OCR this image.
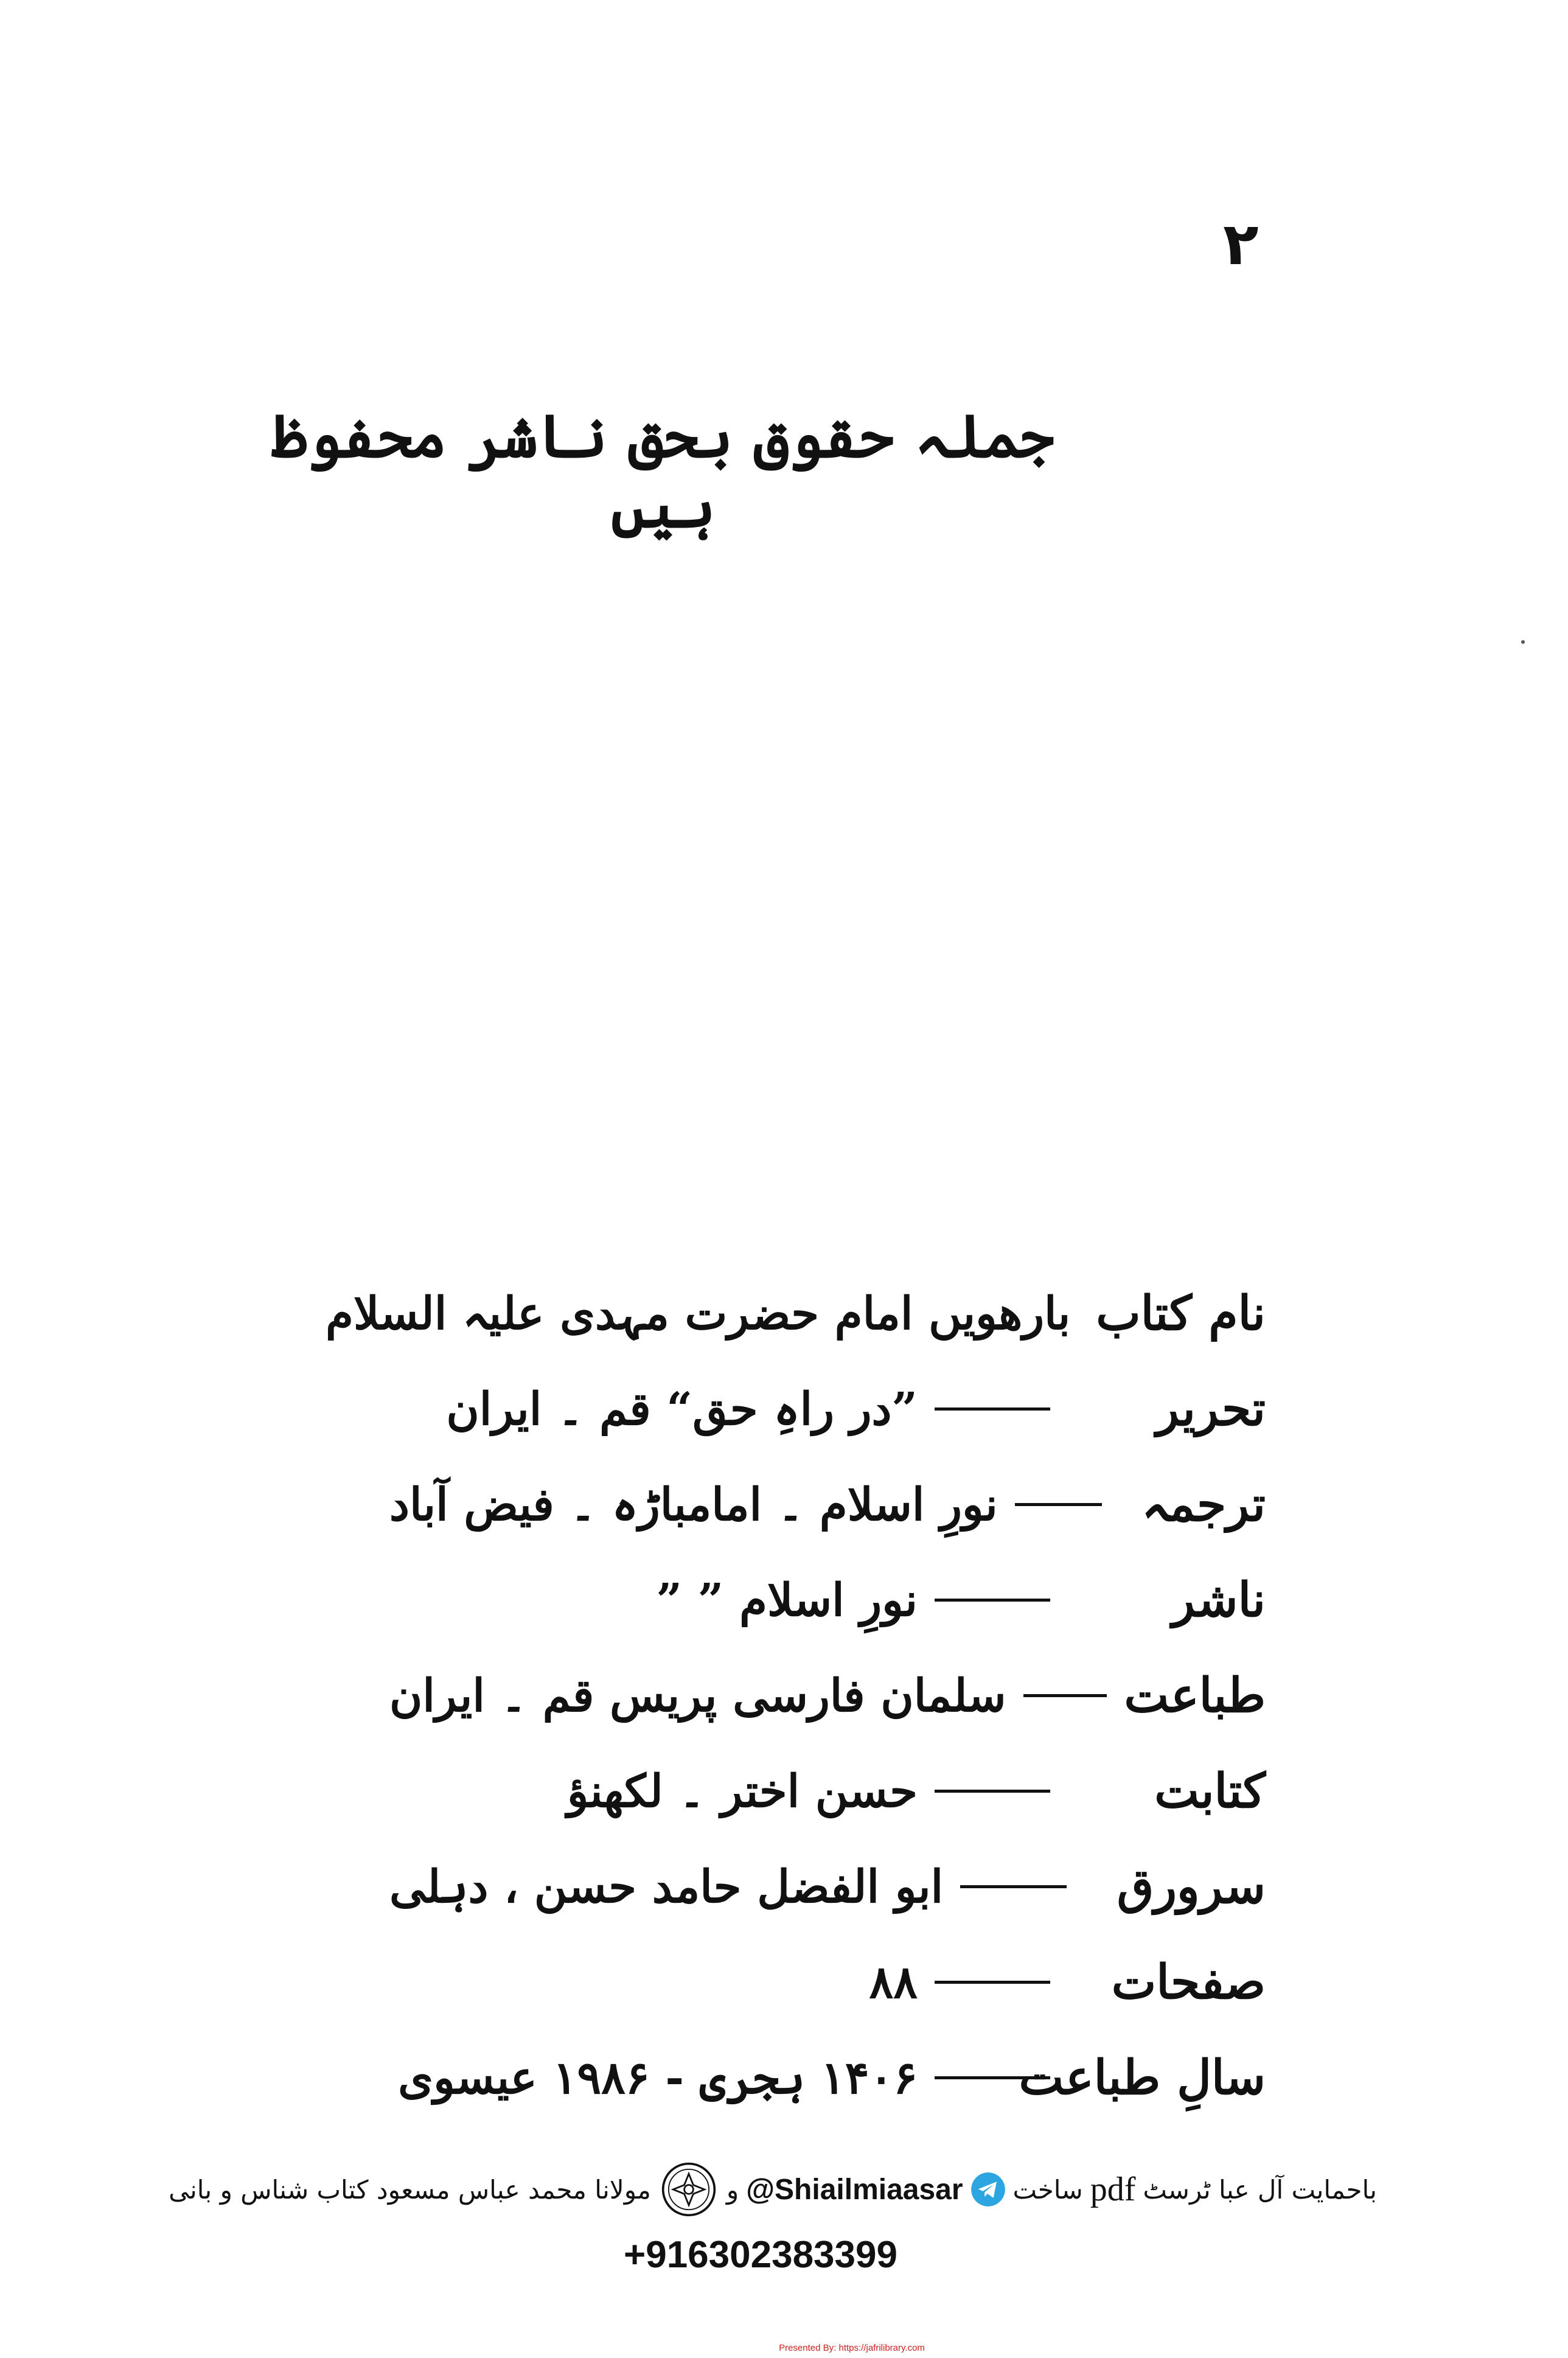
۲
جملہ حقوق بحق ناشر محفوظ ہیں
نام کتاب
بارھویں امام حضرت مہدی علیہ السلام
تحریر
”در راہِ حق“ قم ۔ ایران
ترجمہ
نورِ اسلام ۔ امامباڑہ ۔ فیض آباد
ناشر
نورِ اسلام ” ”
طباعت
سلمان فارسی پریس قم ۔ ایران
کتابت
حسن اختر ۔ لکھنؤ
سرورق
ابو الفضل حامد حسن ، دہلی
صفحات
۸۸
سالِ طباعت
۱۴۰۶ ہجری - ۱۹۸۶ عیسوی
مولانا محمد عباس مسعود کتاب شناس و بانی	و @Shiailmiaasar ساخت pdf باحمایت آل عبا ٹرسٹ
+916302383399
Presented By: https://jafrilibrary.com
